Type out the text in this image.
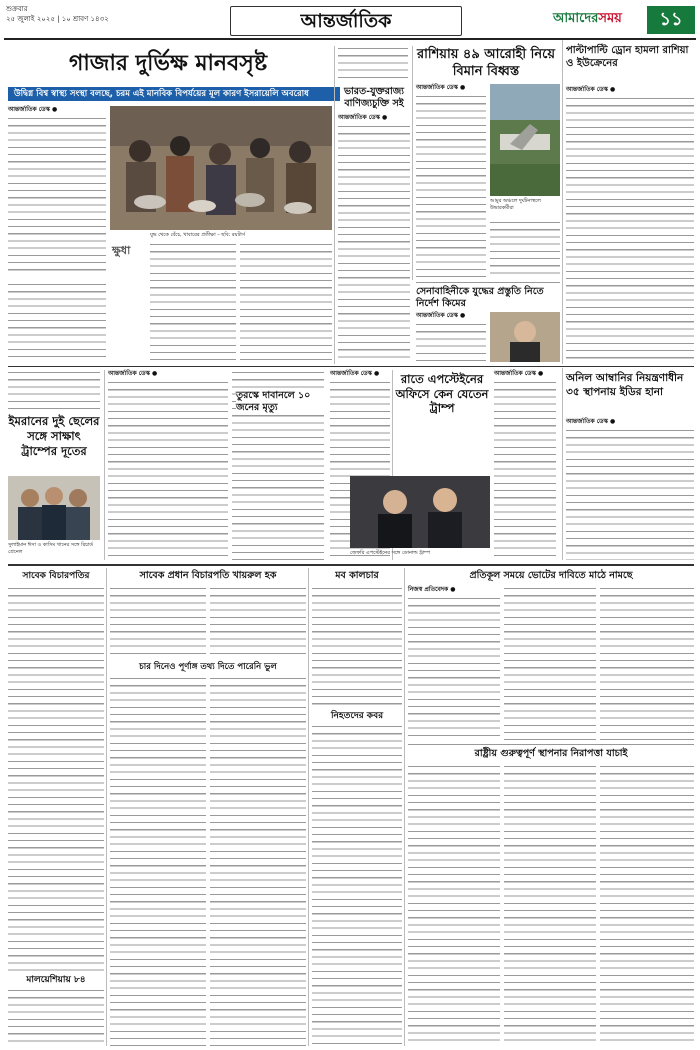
শুক্রবার
২৫ জুলাই ২০২৫ | ১০ শ্রাবণ ১৪৩২	আন্তর্জাতিক	আমাদেরসময়	১১
গাজার দুর্ভিক্ষ মানবসৃষ্ট
উদ্বিগ্ন বিশ্ব স্বাস্থ্য সংস্থা বলছে, চরম এই মানবিক বিপর্যয়ের মূল কারণ ইসরায়েলি অবরোধ
আন্তর্জাতিক ডেস্ক ●
যুদ্ধ থেকে বেঁচে, খাবারের প্রতীক্ষা – ছবি: রয়টার্স
ক্ষুধা
ভারত-যুক্তরাজ্য বাণিজ্যচুক্তি সই
আন্তর্জাতিক ডেস্ক ●
রাশিয়ায় ৪৯ আরোহী নিয়ে বিমান বিধ্বস্ত
আন্তর্জাতিক ডেস্ক ●
আমুর অঞ্চলে দুর্ঘটনাস্থলে উদ্ধারকর্মীরা
সেনাবাহিনীকে যুদ্ধের প্রস্তুতি নিতে নির্দেশ কিমের
আন্তর্জাতিক ডেস্ক ●
পাল্টাপাল্টি ড্রোন হামলা রাশিয়া ও ইউক্রেনের
আন্তর্জাতিক ডেস্ক ●
ইমরানের দুই ছেলের সঙ্গে সাক্ষাৎ ট্রাম্পের দূতের
সুলাইমান ঈসা ও কাসিম খানের সঙ্গে রিচার্ড গ্রেনেল
আন্তর্জাতিক ডেস্ক ●
তুরস্কে দাবানলে ১০ জনের মৃত্যু
আন্তর্জাতিক ডেস্ক ●	রাতে এপস্টেইনের অফিসে কেন যেতেন ট্রাম্প
জেফরি এপস্টেইনের সঙ্গে ডোনাল্ড ট্রাম্প
আন্তর্জাতিক ডেস্ক ●	অনিল আম্বানির নিয়ন্ত্রণাধীন ৩৫ স্থাপনায় ইডির হানা
আন্তর্জাতিক ডেস্ক ●
সাবেক বিচারপতির
মালয়েশিয়ায় ৮৪
সাবেক প্রধান বিচারপতি খায়রুল হক
চার দিনেও পূর্ণাঙ্গ তথ্য দিতে পারেনি ভুল
মব কালচার
নিহতদের কবর
প্রতিকূল সময়ে ভোটের দাবিতে মাঠে নামছে
নিজস্ব প্রতিবেদক ●
রাষ্ট্রীয় গুরুত্বপূর্ণ স্থাপনার নিরাপত্তা যাচাই
